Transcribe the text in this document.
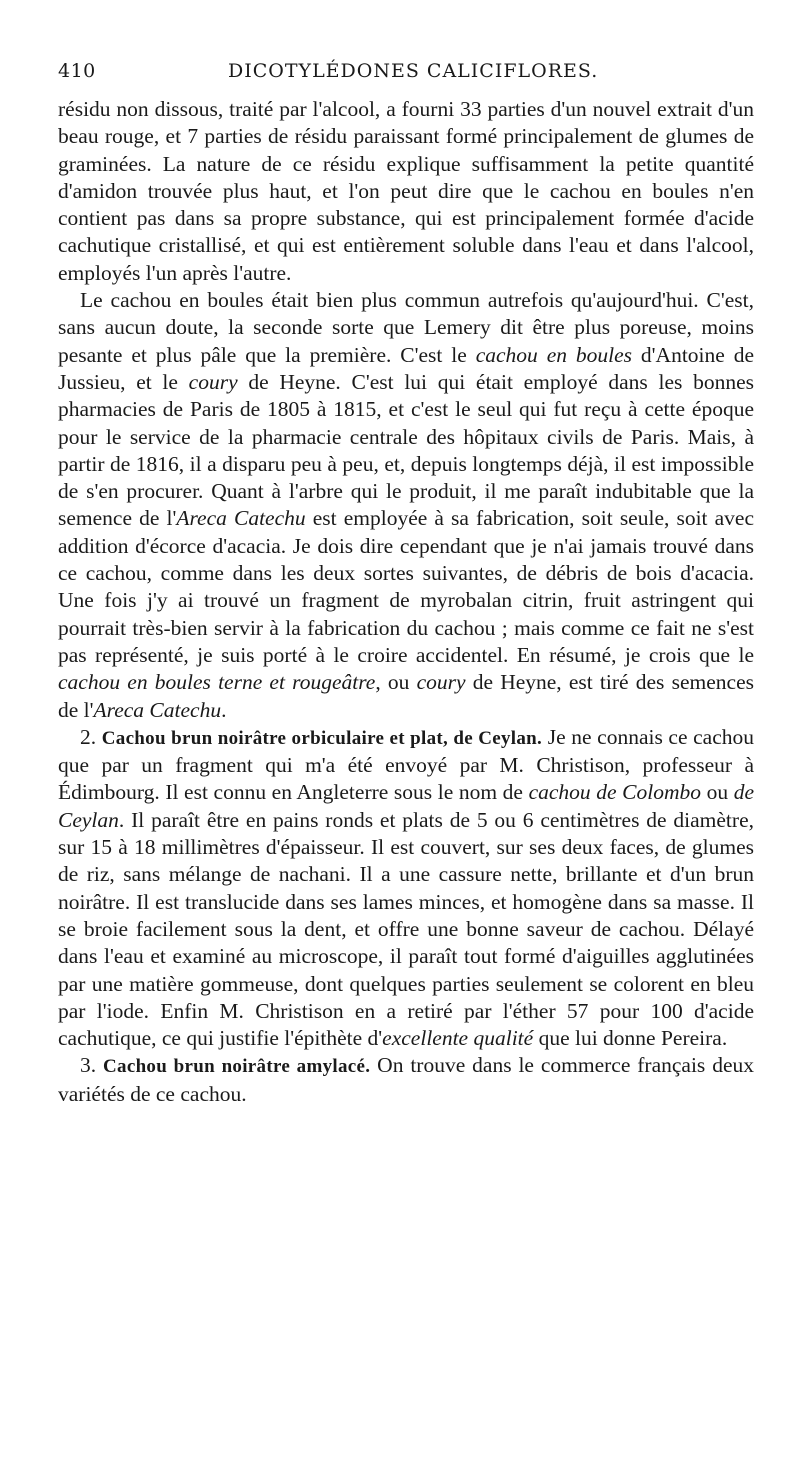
410	DICOTYLÉDONES CALICIFLORES.

résidu non dissous, traité par l'alcool, a fourni 33 parties d'un nouvel extrait d'un beau rouge, et 7 parties de résidu paraissant formé principalement de glumes de graminées. La nature de ce résidu explique suffisamment la petite quantité d'amidon trouvée plus haut, et l'on peut dire que le cachou en boules n'en contient pas dans sa propre substance, qui est principalement formée d'acide cachutique cristallisé, et qui est entièrement soluble dans l'eau et dans l'alcool, employés l'un après l'autre.

Le cachou en boules était bien plus commun autrefois qu'aujourd'hui. C'est, sans aucun doute, la seconde sorte que Lemery dit être plus poreuse, moins pesante et plus pâle que la première. C'est le cachou en boules d'Antoine de Jussieu, et le coury de Heyne. C'est lui qui était employé dans les bonnes pharmacies de Paris de 1805 à 1815, et c'est le seul qui fut reçu à cette époque pour le service de la pharmacie centrale des hôpitaux civils de Paris. Mais, à partir de 1816, il a disparu peu à peu, et, depuis longtemps déjà, il est impossible de s'en procurer. Quant à l'arbre qui le produit, il me paraît indubitable que la semence de l'Areca Catechu est employée à sa fabrication, soit seule, soit avec addition d'écorce d'acacia. Je dois dire cependant que je n'ai jamais trouvé dans ce cachou, comme dans les deux sortes suivantes, de débris de bois d'acacia. Une fois j'y ai trouvé un fragment de myrobalan citrin, fruit astringent qui pourrait très-bien servir à la fabrication du cachou ; mais comme ce fait ne s'est pas représenté, je suis porté à le croire accidentel. En résumé, je crois que le cachou en boules terne et rougeâtre, ou coury de Heyne, est tiré des semences de l'Areca Catechu.

2. Cachou brun noirâtre orbiculaire et plat, de Ceylan. Je ne connais ce cachou que par un fragment qui m'a été envoyé par M. Christison, professeur à Édimbourg. Il est connu en Angleterre sous le nom de cachou de Colombo ou de Ceylan. Il paraît être en pains ronds et plats de 5 ou 6 centimètres de diamètre, sur 15 à 18 millimètres d'épaisseur. Il est couvert, sur ses deux faces, de glumes de riz, sans mélange de nachani. Il a une cassure nette, brillante et d'un brun noirâtre. Il est translucide dans ses lames minces, et homogène dans sa masse. Il se broie facilement sous la dent, et offre une bonne saveur de cachou. Délayé dans l'eau et examiné au microscope, il paraît tout formé d'aiguilles agglutinées par une matière gommeuse, dont quelques parties seulement se colorent en bleu par l'iode. Enfin M. Christison en a retiré par l'éther 57 pour 100 d'acide cachutique, ce qui justifie l'épithète d'excellente qualité que lui donne Pereira.

3. Cachou brun noirâtre amylacé. On trouve dans le commerce français deux variétés de ce cachou.
